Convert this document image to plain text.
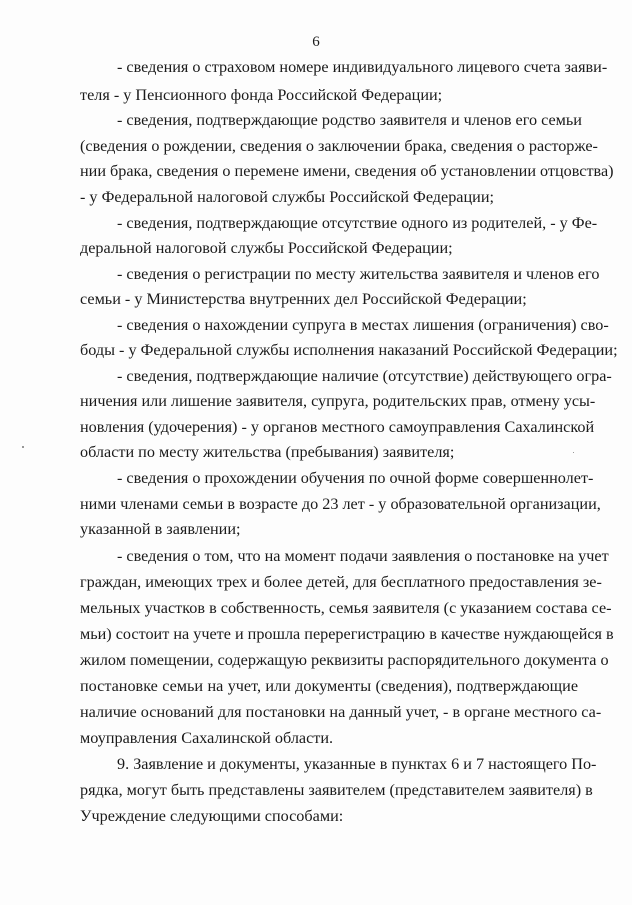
6
- сведения о страховом номере индивидуального лицевого счета заяви-
теля - у Пенсионного фонда Российской Федерации;
- сведения, подтверждающие родство заявителя и членов его семьи
(сведения о рождении, сведения о заключении брака, сведения о расторже-
нии брака, сведения о перемене имени, сведения об установлении отцовства)
- у Федеральной налоговой службы Российской Федерации;
- сведения, подтверждающие отсутствие одного из родителей, - у Фе-
деральной налоговой службы Российской Федерации;
- сведения о регистрации по месту жительства заявителя и членов его
семьи - у Министерства внутренних дел Российской Федерации;
- сведения о нахождении супруга в местах лишения (ограничения) сво-
боды - у Федеральной службы исполнения наказаний Российской Федерации;
- сведения, подтверждающие наличие (отсутствие) действующего огра-
ничения или лишение заявителя, супруга, родительских прав, отмену усы-
новления (удочерения) - у органов местного самоуправления Сахалинской
области по месту жительства (пребывания) заявителя;
- сведения о прохождении обучения по очной форме совершеннолет-
ними членами семьи в возрасте до 23 лет - у образовательной организации,
указанной в заявлении;
- сведения о том, что на момент подачи заявления о постановке на учет
граждан, имеющих трех и более детей, для бесплатного предоставления зе-
мельных участков в собственность, семья заявителя (с указанием состава се-
мьи) состоит на учете и прошла перерегистрацию в качестве нуждающейся в
жилом помещении, содержащую реквизиты распорядительного документа о
постановке семьи на учет, или документы (сведения), подтверждающие
наличие оснований для постановки на данный учет, - в органе местного са-
моуправления Сахалинской области.
9. Заявление и документы, указанные в пунктах 6 и 7 настоящего По-
рядка, могут быть представлены заявителем (представителем заявителя) в
Учреждение следующими способами:
